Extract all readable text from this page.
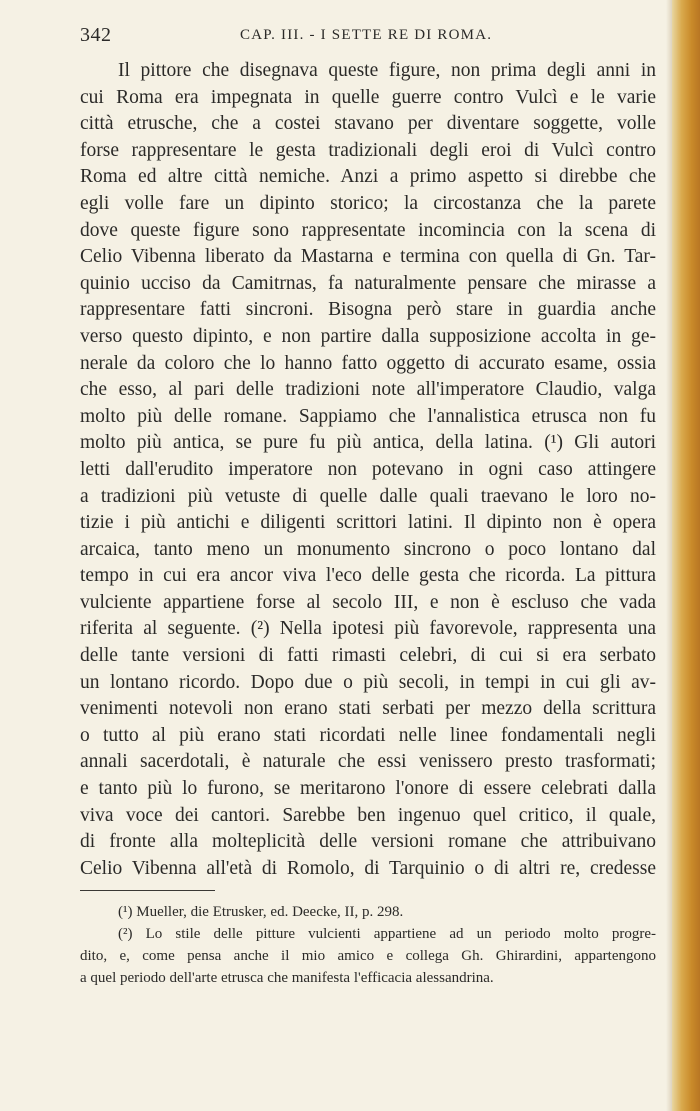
342	CAP. III. - I SETTE RE DI ROMA.
Il pittore che disegnava queste figure, non prima degli anni in
cui Roma era impegnata in quelle guerre contro Vulcì e le varie
città etrusche, che a costei stavano per diventare soggette, volle
forse rappresentare le gesta tradizionali degli eroi di Vulcì contro
Roma ed altre città nemiche. Anzi a primo aspetto si direbbe che
egli volle fare un dipinto storico; la circostanza che la parete
dove queste figure sono rappresentate incomincia con la scena di
Celio Vibenna liberato da Mastarna e termina con quella di Gn. Tar-
quinio ucciso da Camitrnas, fa naturalmente pensare che mirasse a
rappresentare fatti sincroni. Bisogna però stare in guardia anche
verso questo dipinto, e non partire dalla supposizione accolta in ge-
nerale da coloro che lo hanno fatto oggetto di accurato esame, ossia
che esso, al pari delle tradizioni note all'imperatore Claudio, valga
molto più delle romane. Sappiamo che l'annalistica etrusca non fu
molto più antica, se pure fu più antica, della latina. (¹) Gli autori
letti dall'erudito imperatore non potevano in ogni caso attingere
a tradizioni più vetuste di quelle dalle quali traevano le loro no-
tizie i più antichi e diligenti scrittori latini. Il dipinto non è opera
arcaica, tanto meno un monumento sincrono o poco lontano dal
tempo in cui era ancor viva l'eco delle gesta che ricorda. La pittura
vulciente appartiene forse al secolo III, e non è escluso che vada
riferita al seguente. (²) Nella ipotesi più favorevole, rappresenta una
delle tante versioni di fatti rimasti celebri, di cui si era serbato
un lontano ricordo. Dopo due o più secoli, in tempi in cui gli av-
venimenti notevoli non erano stati serbati per mezzo della scrittura
o tutto al più erano stati ricordati nelle linee fondamentali negli
annali sacerdotali, è naturale che essi venissero presto trasformati;
e tanto più lo furono, se meritarono l'onore di essere celebrati dalla
viva voce dei cantori. Sarebbe ben ingenuo quel critico, il quale,
di fronte alla molteplicità delle versioni romane che attribuivano
Celio Vibenna all'età di Romolo, di Tarquinio o di altri re, credesse
(¹) Mueller, die Etrusker, ed. Deecke, II, p. 298.
(²) Lo stile delle pitture vulcienti appartiene ad un periodo molto progre-
dito, e, come pensa anche il mio amico e collega Gh. Ghirardini, appartengono
a quel periodo dell'arte etrusca che manifesta l'efficacia alessandrina.
